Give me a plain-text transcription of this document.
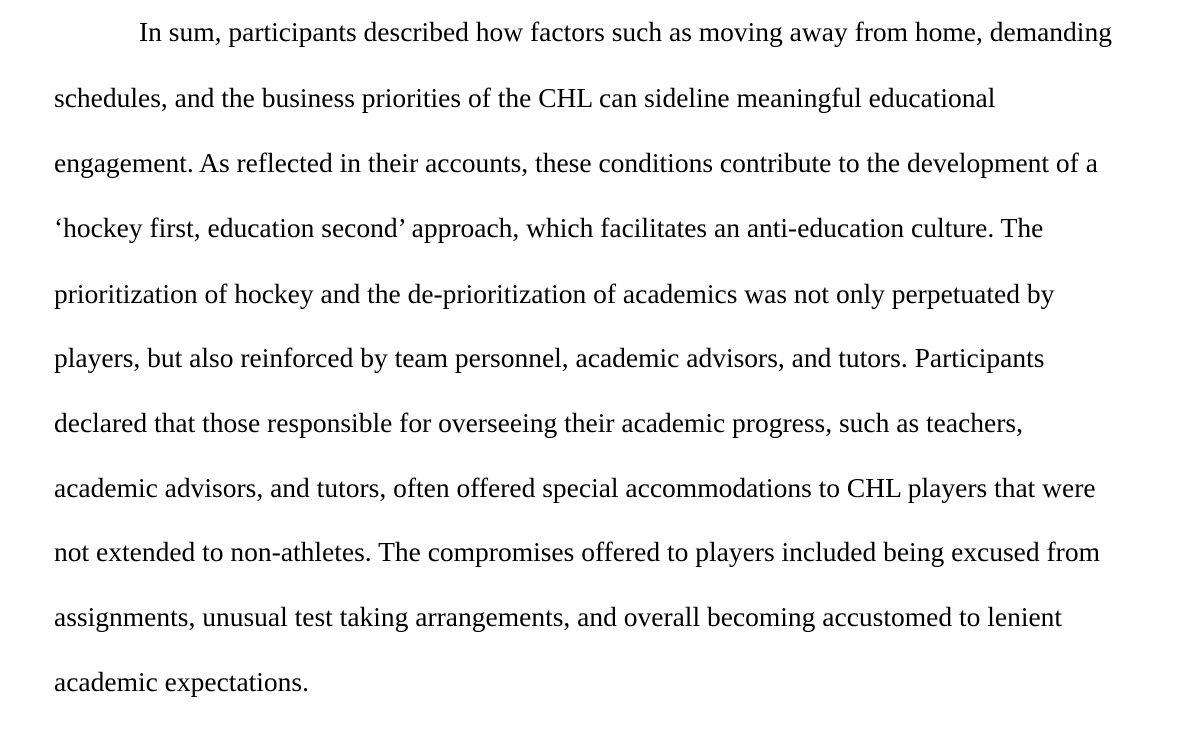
In sum, participants described how factors such as moving away from home, demanding

schedules, and the business priorities of the CHL can sideline meaningful educational

engagement. As reflected in their accounts, these conditions contribute to the development of a

‘hockey first, education second’ approach, which facilitates an anti-education culture. The

prioritization of hockey and the de-prioritization of academics was not only perpetuated by

players, but also reinforced by team personnel, academic advisors, and tutors. Participants

declared that those responsible for overseeing their academic progress, such as teachers,

academic advisors, and tutors, often offered special accommodations to CHL players that were

not extended to non-athletes. The compromises offered to players included being excused from

assignments, unusual test taking arrangements, and overall becoming accustomed to lenient

academic expectations.
